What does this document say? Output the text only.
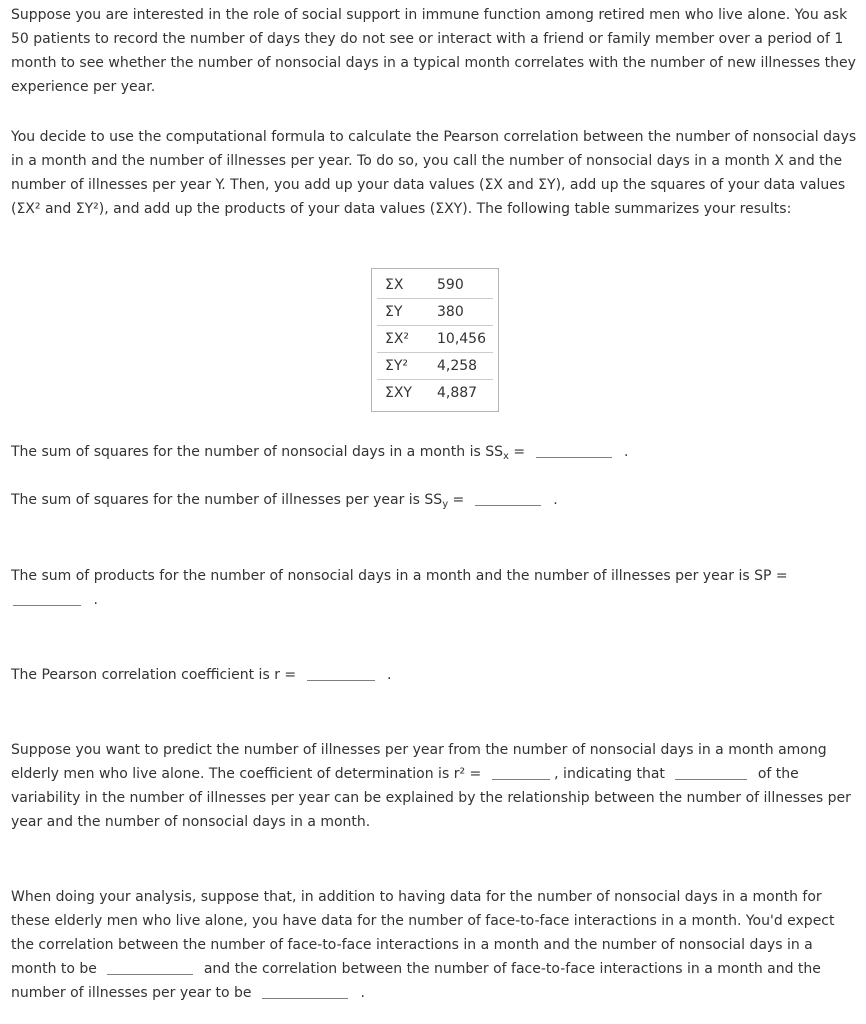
Suppose you are interested in the role of social support in immune function among retired men who live alone. You ask 50 patients to record the number of days they do not see or interact with a friend or family member over a period of 1 month to see whether the number of nonsocial days in a typical month correlates with the number of new illnesses they experience per year.

You decide to use the computational formula to calculate the Pearson correlation between the number of nonsocial days in a month and the number of illnesses per year. To do so, you call the number of nonsocial days in a month X and the number of illnesses per year Y. Then, you add up your data values (ΣX and ΣY), add up the squares of your data values (ΣX² and ΣY²), and add up the products of your data values (ΣXY). The following table summarizes your results:

ΣX	590
ΣY	380
ΣX²	10,456
ΣY²	4,258
ΣXY	4,887

The sum of squares for the number of nonsocial days in a month is $SS_x$ =	.

The sum of squares for the number of illnesses per year is $SS_y$ =	.

The sum of products for the number of nonsocial days in a month and the number of illnesses per year is SP =
.

The Pearson correlation coefficient is r =	.

Suppose you want to predict the number of illnesses per year from the number of nonsocial days in a month among elderly men who live alone. The coefficient of determination is r² =	, indicating that	of the variability in the number of illnesses per year can be explained by the relationship between the number of illnesses per year and the number of nonsocial days in a month.

When doing your analysis, suppose that, in addition to having data for the number of nonsocial days in a month for these elderly men who live alone, you have data for the number of face-to-face interactions in a month. You'd expect the correlation between the number of face-to-face interactions in a month and the number of nonsocial days in a month to be	and the correlation between the number of face-to-face interactions in a month and the number of illnesses per year to be	.
